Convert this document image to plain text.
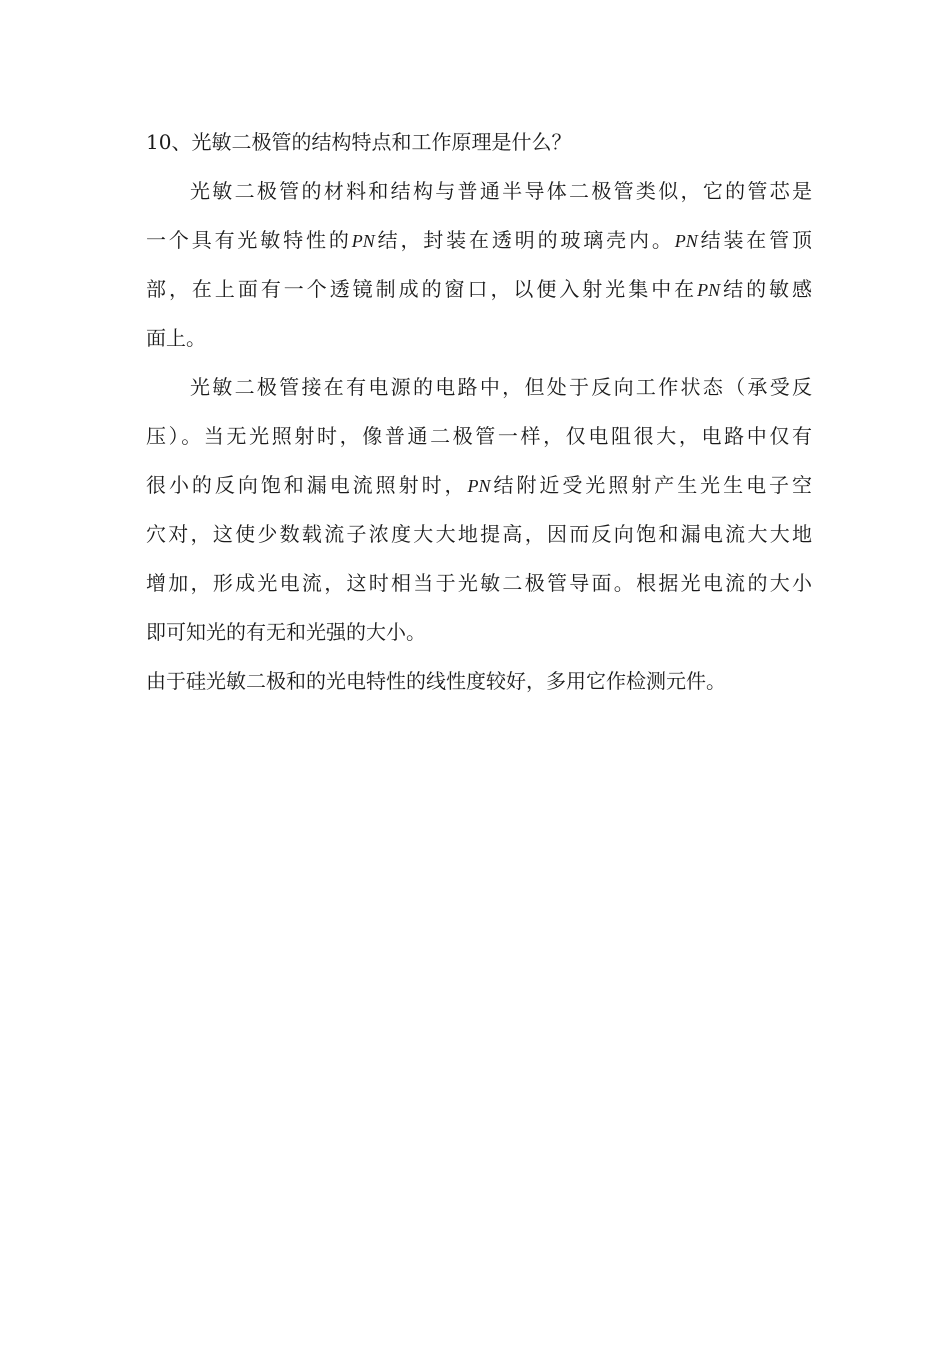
10、光敏二极管的结构特点和工作原理是什么？
光敏二极管的材料和结构与普通半导体二极管类似，它的管芯是
一个具有光敏特性的PN结，封装在透明的玻璃壳内。PN结装在管顶
部，在上面有一个透镜制成的窗口，以便入射光集中在PN结的敏感
面上。
光敏二极管接在有电源的电路中，但处于反向工作状态（承受反
压）。当无光照射时，像普通二极管一样，仅电阻很大，电路中仅有
很小的反向饱和漏电流照射时，PN结附近受光照射产生光生电子空
穴对，这使少数载流子浓度大大地提高，因而反向饱和漏电流大大地
增加，形成光电流，这时相当于光敏二极管导面。根据光电流的大小
即可知光的有无和光强的大小。
由于硅光敏二极和的光电特性的线性度较好，多用它作检测元件。
